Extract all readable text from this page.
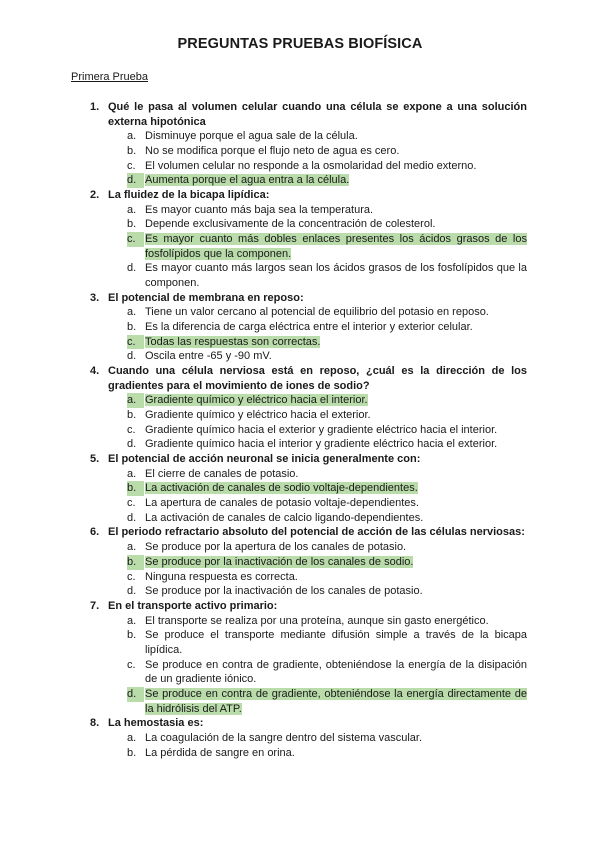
PREGUNTAS PRUEBAS BIOFÍSICA
Primera Prueba
1. Qué le pasa al volumen celular cuando una célula se expone a una solución externa hipotónica
a. Disminuye porque el agua sale de la célula.
b. No se modifica porque el flujo neto de agua es cero.
c. El volumen celular no responde a la osmolaridad del medio externo.
d. Aumenta porque el agua entra a la célula.
2. La fluidez de la bicapa lipídica:
a. Es mayor cuanto más baja sea la temperatura.
b. Depende exclusivamente de la concentración de colesterol.
c. Es mayor cuanto más dobles enlaces presentes los ácidos grasos de los fosfolípidos que la componen.
d. Es mayor cuanto más largos sean los ácidos grasos de los fosfolípidos que la componen.
3. El potencial de membrana en reposo:
a. Tiene un valor cercano al potencial de equilibrio del potasio en reposo.
b. Es la diferencia de carga eléctrica entre el interior y exterior celular.
c. Todas las respuestas son correctas.
d. Oscila entre -65 y -90 mV.
4. Cuando una célula nerviosa está en reposo, ¿cuál es la dirección de los gradientes para el movimiento de iones de sodio?
a. Gradiente químico y eléctrico hacia el interior.
b. Gradiente químico y eléctrico hacia el exterior.
c. Gradiente químico hacia el exterior y gradiente eléctrico hacia el interior.
d. Gradiente químico hacia el interior y gradiente eléctrico hacia el exterior.
5. El potencial de acción neuronal se inicia generalmente con:
a. El cierre de canales de potasio.
b. La activación de canales de sodio voltaje-dependientes.
c. La apertura de canales de potasio voltaje-dependientes.
d. La activación de canales de calcio ligando-dependientes.
6. El periodo refractario absoluto del potencial de acción de las células nerviosas:
a. Se produce por la apertura de los canales de potasio.
b. Se produce por la inactivación de los canales de sodio.
c. Ninguna respuesta es correcta.
d. Se produce por la inactivación de los canales de potasio.
7. En el transporte activo primario:
a. El transporte se realiza por una proteína, aunque sin gasto energético.
b. Se produce el transporte mediante difusión simple a través de la bicapa lipídica.
c. Se produce en contra de gradiente, obteniéndose la energía de la disipación de un gradiente iónico.
d. Se produce en contra de gradiente, obteniéndose la energía directamente de la hidrólisis del ATP.
8. La hemostasia es:
a. La coagulación de la sangre dentro del sistema vascular.
b. La pérdida de sangre en orina.
